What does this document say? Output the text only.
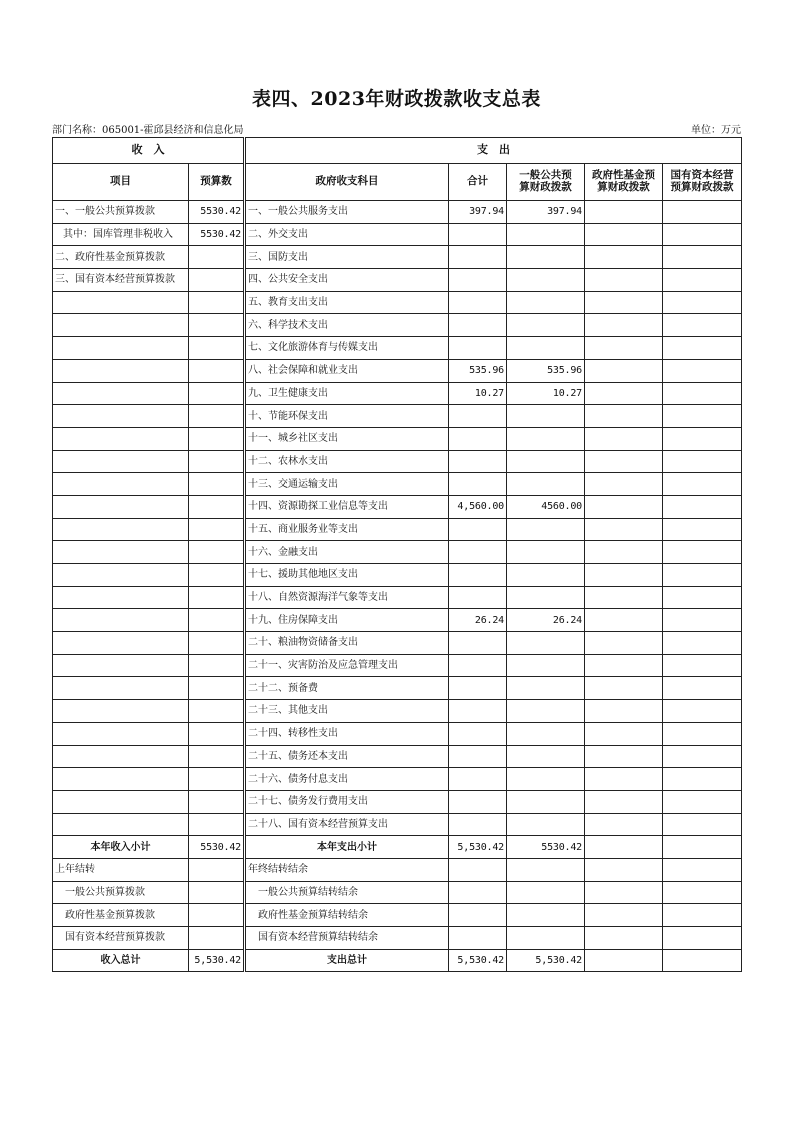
表四、2023年财政拨款收支总表
部门名称：065001-霍邱县经济和信息化局	单位：万元
收　入		支　出				
项目	预算数	政府收支科目	合计	一般公共预算财政拨款	政府性基金预算财政拨款	国有资本经营预算财政拨款
一、一般公共预算拨款	5530.42	一、一般公共服务支出	397.94	397.94		
其中：国库管理非税收入	5530.42	二、外交支出				
二、政府性基金预算拨款		三、国防支出				
三、国有资本经营预算拨款		四、公共安全支出				
		五、教育支出支出				
		六、科学技术支出				
		七、文化旅游体育与传媒支出				
		八、社会保障和就业支出	535.96	535.96		
		九、卫生健康支出	10.27	10.27		
		十、节能环保支出				
		十一、城乡社区支出				
		十二、农林水支出				
		十三、交通运输支出				
		十四、资源勘探工业信息等支出	4,560.00	4560.00		
		十五、商业服务业等支出				
		十六、金融支出				
		十七、援助其他地区支出				
		十八、自然资源海洋气象等支出				
		十九、住房保障支出	26.24	26.24		
		二十、粮油物资储备支出				
		二十一、灾害防治及应急管理支出				
		二十二、预备费				
		二十三、其他支出				
		二十四、转移性支出				
		二十五、债务还本支出				
		二十六、债务付息支出				
		二十七、债务发行费用支出				
		二十八、国有资本经营预算支出				
本年收入小计	5530.42	本年支出小计	5,530.42	5530.42		
上年结转		年终结转结余				
一般公共预算拨款		一般公共预算结转结余				
政府性基金预算拨款		政府性基金预算结转结余				
国有资本经营预算拨款		国有资本经营预算结转结余				
收入总计	5,530.42	支出总计	5,530.42	5,530.42		
